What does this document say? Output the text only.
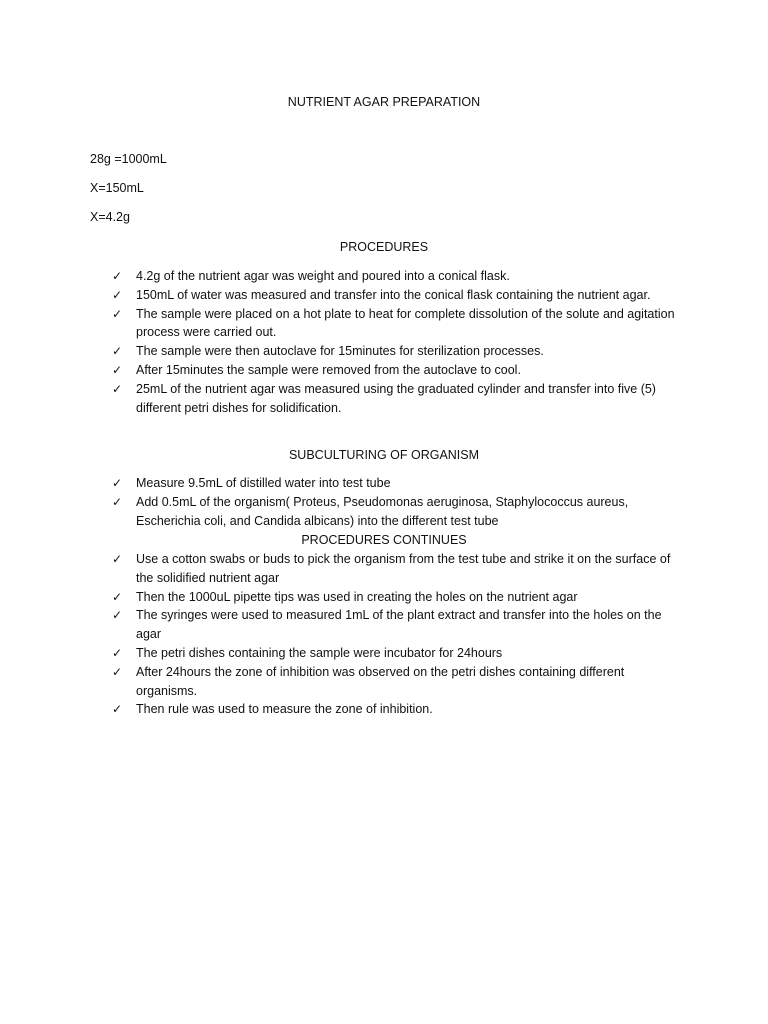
NUTRIENT AGAR PREPARATION
28g =1000mL
X=150mL
X=4.2g
PROCEDURES
✓ 4.2g of the nutrient agar was weight and poured into a conical flask.
✓ 150mL of water was measured and transfer into the conical flask containing the nutrient agar.
✓ The sample were placed on a hot plate to heat for complete dissolution of the solute and agitation process were carried out.
✓ The sample were then autoclave for 15minutes for sterilization processes.
✓ After 15minutes the sample were removed from the autoclave to cool.
✓ 25mL of the nutrient agar was measured using the graduated cylinder and transfer into five (5) different petri dishes for solidification.
SUBCULTURING OF ORGANISM
✓ Measure 9.5mL of distilled water into test tube
✓ Add 0.5mL of the organism( Proteus, Pseudomonas aeruginosa, Staphylococcus aureus, Escherichia coli, and Candida albicans) into the different test tube
PROCEDURES CONTINUES
✓ Use a cotton swabs or buds to pick the organism from the test tube and strike it on the surface of the solidified nutrient agar
✓ Then the 1000uL pipette tips was used in creating the holes on the nutrient agar
✓ The syringes were used to measured 1mL of the plant extract and transfer into the holes on the agar
✓ The petri dishes containing the sample were incubator for 24hours
✓ After 24hours the zone of inhibition was observed on the petri dishes containing different organisms.
✓ Then rule was used to measure the zone of inhibition.
